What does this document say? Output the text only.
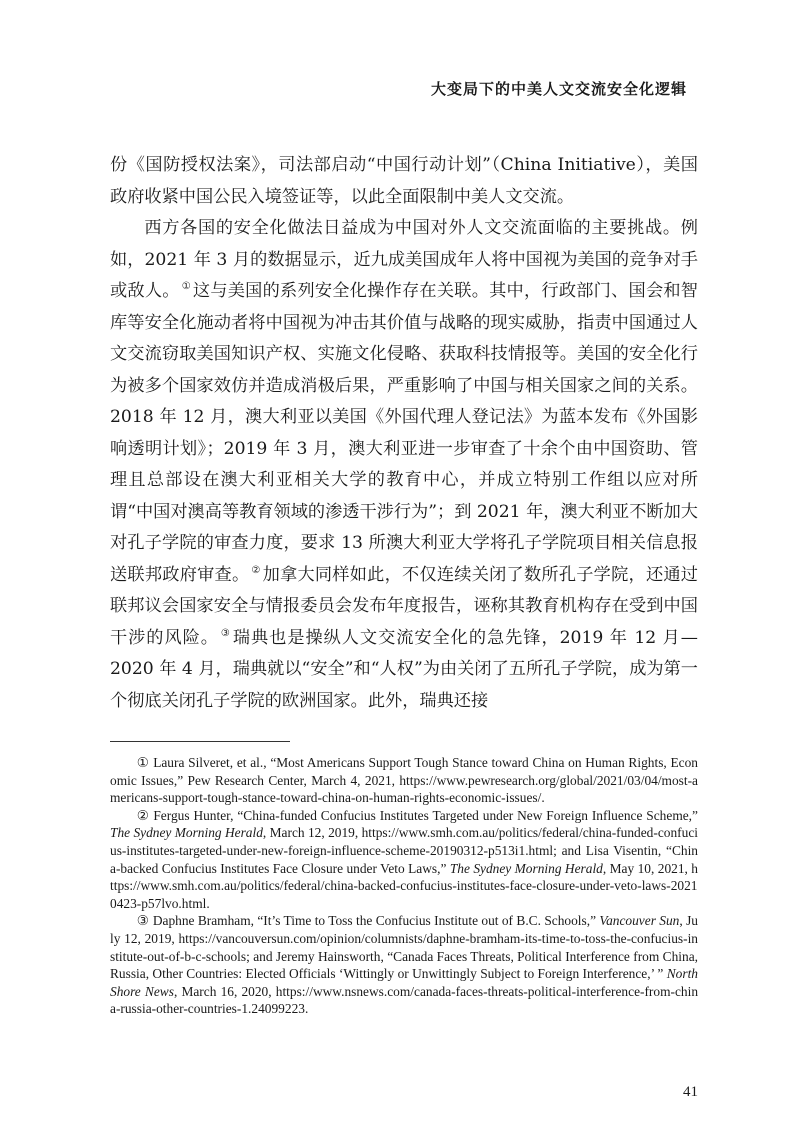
大变局下的中美人文交流安全化逻辑

份《国防授权法案》，司法部启动“中国行动计划”（China Initiative），美国政府收紧中国公民入境签证等，以此全面限制中美人文交流。

西方各国的安全化做法日益成为中国对外人文交流面临的主要挑战。例如，2021 年 3 月的数据显示，近九成美国成年人将中国视为美国的竞争对手或敌人。 ① 这与美国的系列安全化操作存在关联。其中，行政部门、国会和智库等安全化施动者将中国视为冲击其价值与战略的现实威胁，指责中国通过人文交流窃取美国知识产权、实施文化侵略、获取科技情报等。美国的安全化行为被多个国家效仿并造成消极后果，严重影响了中国与相关国家之间的关系。2018 年 12 月，澳大利亚以美国《外国代理人登记法》为蓝本发布《外国影响透明计划》；2019 年 3 月，澳大利亚进一步审查了十余个由中国资助、管理且总部设在澳大利亚相关大学的教育中心，并成立特别工作组以应对所谓“中国对澳高等教育领域的渗透干涉行为”；到 2021 年，澳大利亚不断加大对孔子学院的审查力度，要求 13 所澳大利亚大学将孔子学院项目相关信息报送联邦政府审查。 ② 加拿大同样如此，不仅连续关闭了数所孔子学院，还通过联邦议会国家安全与情报委员会发布年度报告，诬称其教育机构存在受到中国干涉的风险。 ③ 瑞典也是操纵人文交流安全化的急先锋，2019 年 12 月—2020 年 4 月，瑞典就以“安全”和“人权”为由关闭了五所孔子学院，成为第一个彻底关闭孔子学院的欧洲国家。此外，瑞典还接

① Laura Silveret, et al., “Most Americans Support Tough Stance toward China on Human Rights, Economic Issues,” Pew Research Center, March 4, 2021, https://www.pewresearch.org/global/2021/03/04/most-americans-support-tough-stance-toward-china-on-human-rights-economic-issues/.

② Fergus Hunter, “China-funded Confucius Institutes Targeted under New Foreign Influence Scheme,” The Sydney Morning Herald, March 12, 2019, https://www.smh.com.au/politics/federal/china-funded-confucius-institutes-targeted-under-new-foreign-influence-scheme-20190312-p513i1.html; and Lisa Visentin, “China-backed Confucius Institutes Face Closure under Veto Laws,” The Sydney Morning Herald, May 10, 2021, https://www.smh.com.au/politics/federal/china-backed-confucius-institutes-face-closure-under-veto-laws-20210423-p57lvo.html.

③ Daphne Bramham, “It’s Time to Toss the Confucius Institute out of B.C. Schools,” Vancouver Sun, July 12, 2019, https://vancouversun.com/opinion/columnists/daphne-bramham-its-time-to-toss-the-confucius-institute-out-of-b-c-schools; and Jeremy Hainsworth, “Canada Faces Threats, Political Interference from China, Russia, Other Countries: Elected Officials ‘Wittingly or Unwittingly Subject to Foreign Interference,’ ” North Shore News, March 16, 2020, https://www.nsnews.com/canada-faces-threats-political-interference-from-china-russia-other-countries-1.24099223.

41
